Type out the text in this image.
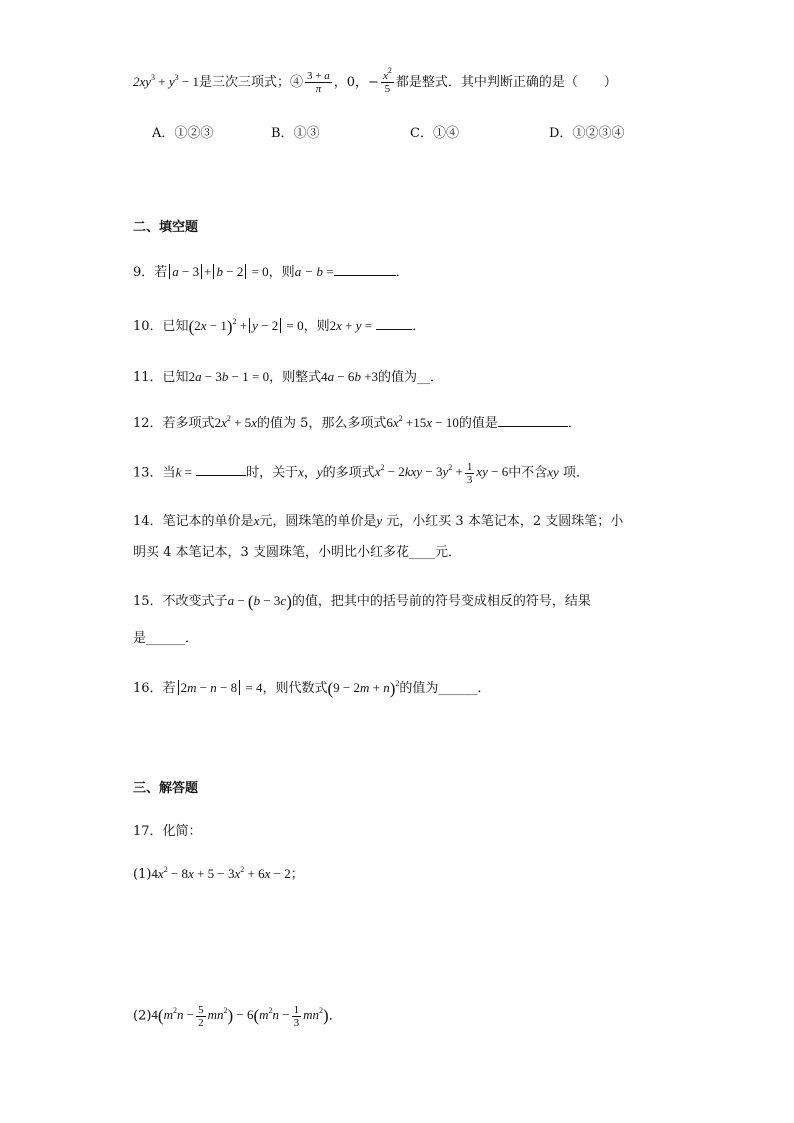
$2xy^3 + y^3 - 1$是三次三项式；④ $\frac{3 + a}{\pi}$ ，0，− $\frac{x^2}{5}$ 都是整式．其中判断正确的是（　　）
A．①②③	B．①③	C．①④	D．①②③④
二、填空题
9．若 a − 3 + b − 2 = 0，则a − b =	．
10．已知$(2x - 1)^2 + y - 2 = 0$，则2x + y =	．
11．已知2a − 3b − 1 = 0，则整式4a − 6b +3的值为__．
12．若多项式$2x^2 + 5x$的值为 5，那么多项式$6x^2 +15x - 10$的值是	．
13．当k =	时，关于x，y的多项式$x^2 - 2kxy - 3y^2 + \frac{1}{3}$ xy − 6中不含xy 项．
14．笔记本的单价是x元，圆珠笔的单价是y 元，小红买 3 本笔记本，2 支圆珠笔；小
明买 4 本笔记本，3 支圆珠笔，小明比小红多花____元．
15．不改变式子a − (b − 3c)的值，把其中的括号前的符号变成相反的符号，结果
是______．
16．若 2m − n − 8 = 4，则代数式$(9 - 2m + n)^2$的值为______．
三、解答题
17．化简：
$(1)4x^2 - 8x + 5 - 3x^2 + 6x - 2$；
$(2)4(m^2n - \frac{5}{2} mn^2) - 6(m^2n - \frac{1}{3} mn^2)$．
